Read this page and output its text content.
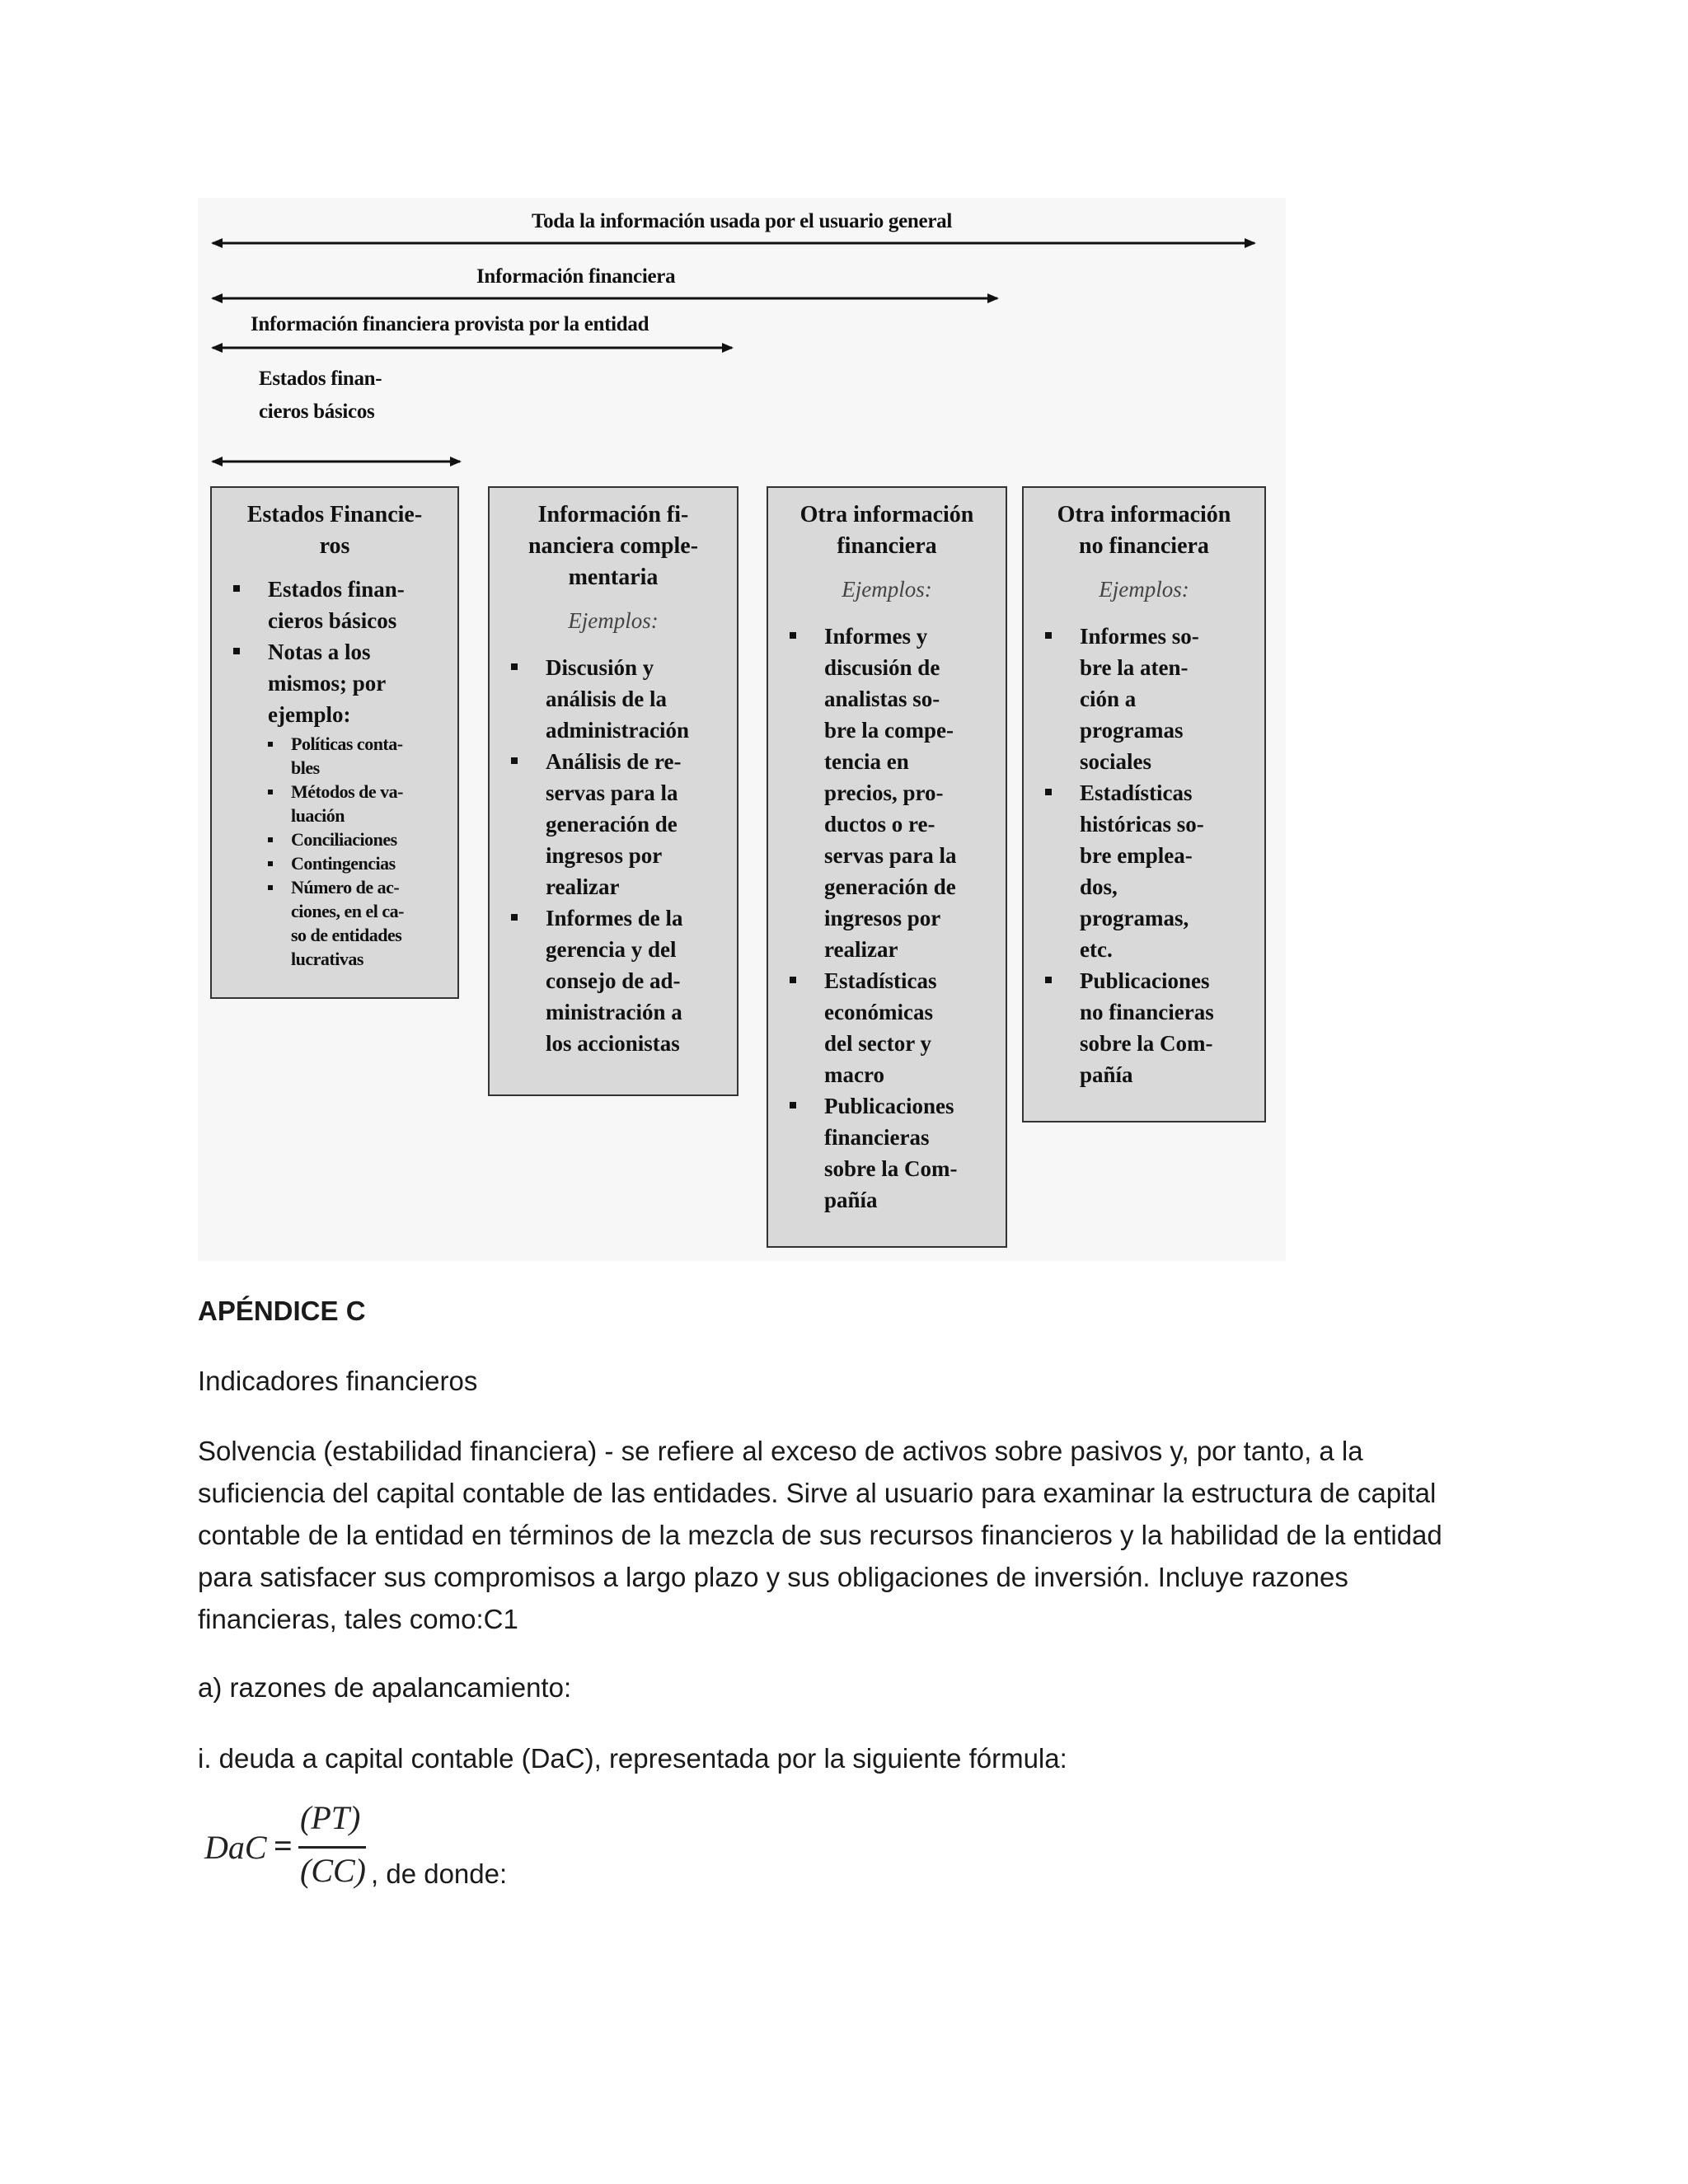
Toda la información usada por el usuario general
Información financiera
Información financiera provista por la entidad
Estados finan-
cieros básicos
Estados Financie-
ros
Estados finan-
cieros básicos
Notas a los
mismos; por
ejemplo:
Políticas conta-
bles
Métodos de va-
luación
Conciliaciones
Contingencias
Número de ac-
ciones, en el ca-
so de entidades
lucrativas
Información fi-
nanciera comple-
mentaria
Ejemplos:
Discusión y
análisis de la
administración
Análisis de re-
servas para la
generación de
ingresos por
realizar
Informes de la
gerencia y del
consejo de ad-
ministración a
los accionistas
Otra información
financiera
Ejemplos:
Informes y
discusión de
analistas so-
bre la compe-
tencia en
precios, pro-
ductos o re-
servas para la
generación de
ingresos por
realizar
Estadísticas
económicas
del sector y
macro
Publicaciones
financieras
sobre la Com-
pañía
Otra información
no financiera
Ejemplos:
Informes so-
bre la aten-
ción a
programas
sociales
Estadísticas
históricas so-
bre emplea-
dos,
programas,
etc.
Publicaciones
no financieras
sobre la Com-
pañía

APÉNDICE C

Indicadores financieros

Solvencia (estabilidad financiera) - se refiere al exceso de activos sobre pasivos y, por tanto, a la suficiencia del capital contable de las entidades. Sirve al usuario para examinar la estructura de capital contable de la entidad en términos de la mezcla de sus recursos financieros y la habilidad de la entidad para satisfacer sus compromisos a largo plazo y sus obligaciones de inversión. Incluye razones financieras, tales como:C1

a) razones de apalancamiento:

i. deuda a capital contable (DaC), representada por la siguiente fórmula:

DaC =
(PT)
(CC) , de donde:
